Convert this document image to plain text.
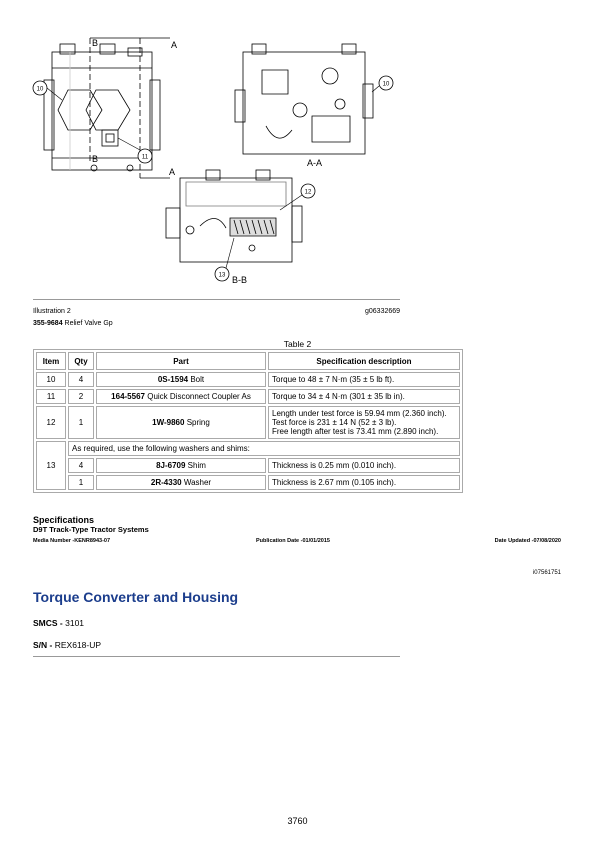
B	A
B
A
10
11
A-A
10
B-B
12
13
Illustration 2	g06332669
355-9684 Relief Valve Gp
Table 2
Item	Qty	Part	Specification description
10	4	0S-1594 Bolt	Torque to 48 ± 7 N·m (35 ± 5 lb ft).
11	2	164-5567 Quick Disconnect Coupler As	Torque to 34 ± 4 N·m (301 ± 35 lb in).
12	1	1W-9860 Spring	Length under test force is 59.94 mm (2.360 inch).
Test force is 231 ± 14 N (52 ± 3 lb).
Free length after test is 73.41 mm (2.890 inch).

13	As required, use the following washers and shims:		
	4	8J-6709 Shim	Thickness is 0.25 mm (0.010 inch).
	1	2R-4330 Washer	Thickness is 2.67 mm (0.105 inch).
Specifications
D9T Track-Type Tractor Systems
Media Number -KENR8943-07	Publication Date -01/01/2015	Date Updated -07/08/2020
i07561751
Torque Converter and Housing
SMCS - 3101
S/N - REX618-UP
3760
